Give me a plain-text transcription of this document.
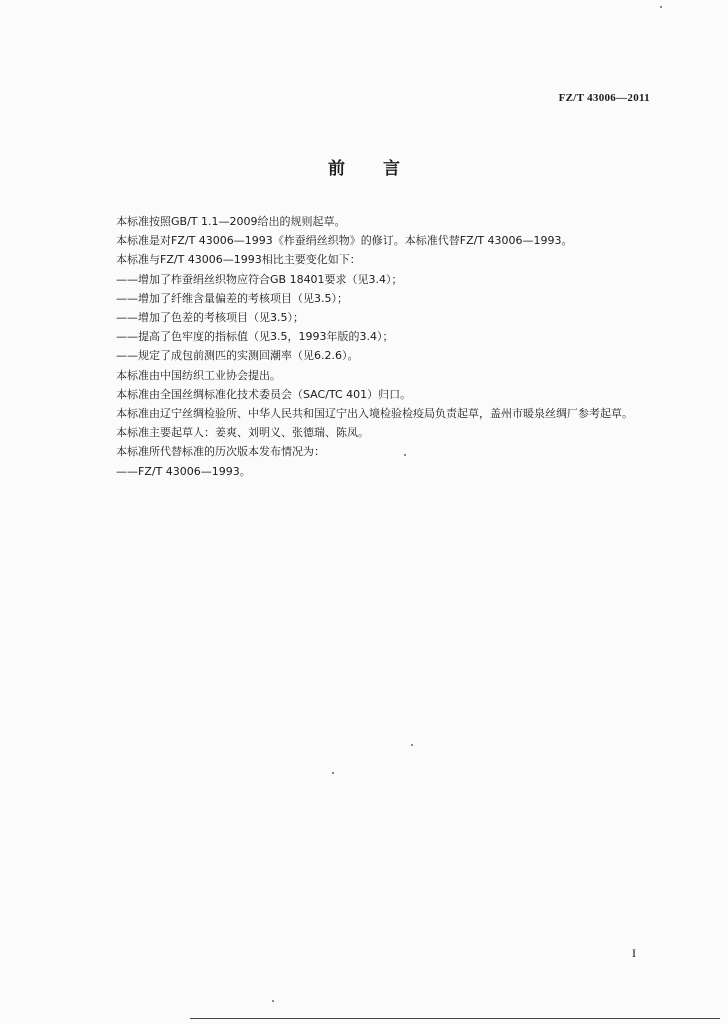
FZ/T 43006—2011
前言

本标准按照GB/T 1.1—2009给出的规则起草。

本标准是对FZ/T 43006—1993《柞蚕绢丝织物》的修订。本标准代替FZ/T 43006—1993。

本标准与FZ/T 43006—1993相比主要变化如下：

——增加了柞蚕绢丝织物应符合GB 18401要求（见3.4）；

——增加了纤维含量偏差的考核项目（见3.5）；

——增加了色差的考核项目（见3.5）；

——提高了色牢度的指标值（见3.5，1993年版的3.4）；

——规定了成包前测匹的实测回潮率（见6.2.6）。

本标准由中国纺织工业协会提出。

本标准由全国丝绸标准化技术委员会（SAC/TC 401）归口。

本标准由辽宁丝绸检验所、中华人民共和国辽宁出入境检验检疫局负责起草，盖州市暖泉丝绸厂参考起草。

本标准主要起草人：姜爽、刘明义、张德瑞、陈凤。

本标准所代替标准的历次版本发布情况为：

——FZ/T 43006—1993。

I
